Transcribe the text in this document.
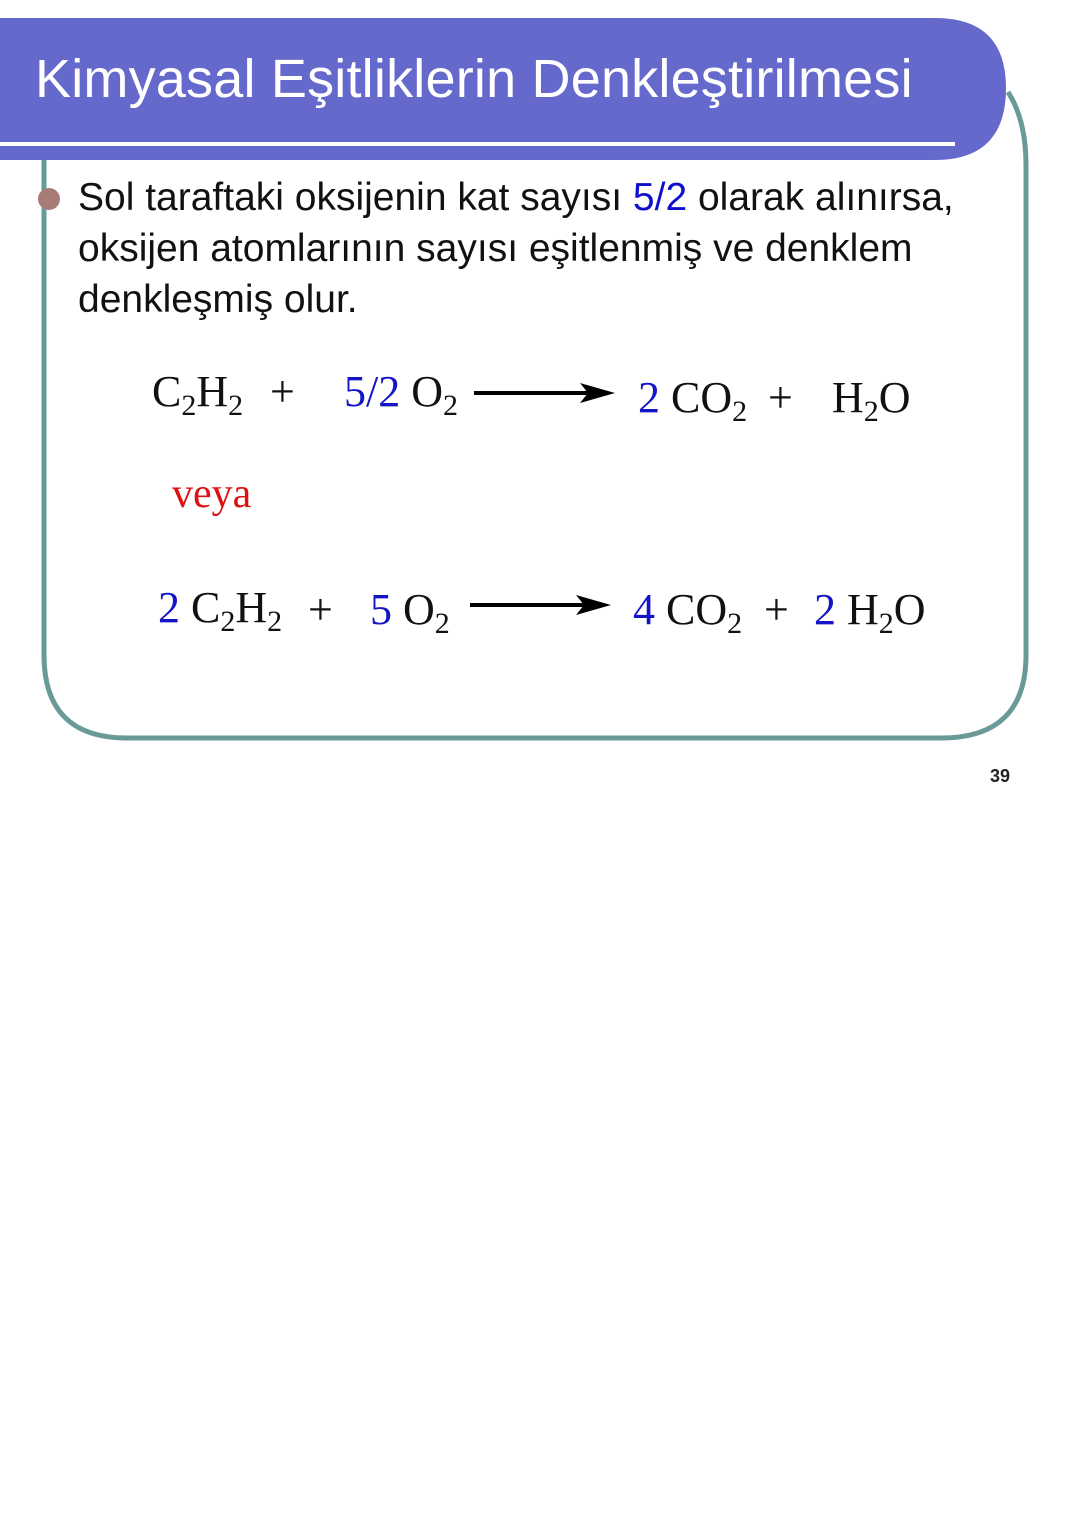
Kimyasal Eşitliklerin Denkleştirilmesi

Sol taraftaki oksijenin kat sayısı 5/2 olarak alınırsa, oksijen atomlarının sayısı eşitlenmiş ve denklem denkleşmiş olur.

$C_2H_2 + 5/2$ $O_2$	2 $CO_2 + H_2O$
veya
2 $C_2H_2 + 5$ $O_2$	4 $CO_2 + 2$ $H_2O$
39
